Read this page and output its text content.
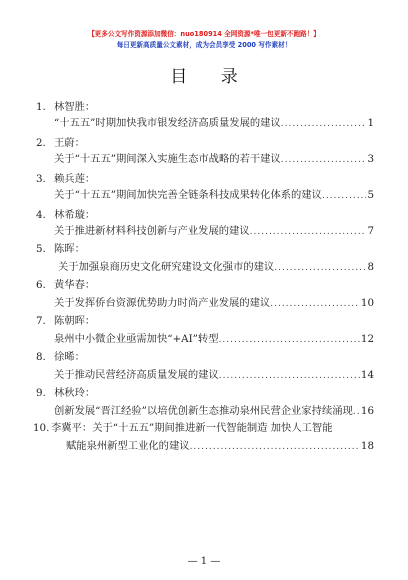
【更多公文写作资源添加微信：nuo180914 全网资源*唯一包更新不跑路！】
每日更新高质量公文素材，成为会员享受 2000 写作素材！
目 录
1. 林智胜：
“十五五”时期加快我市银发经济高质量发展的建议 .....	1
2. 王蔚：
关于“十五五”期间深入实施生态市战略的若干建议 .....	3
3. 赖兵莲：
关于“十五五”期间加快完善全链条科技成果转化体系的建议 .....	5
4. 林希璇：
关于推进新材料科技创新与产业发展的建议 .....	7
5. 陈晖：
关于加强泉商历史文化研究建设文化强市的建议 .....	8
6. 黄华春：
关于发挥侨台资源优势助力时尚产业发展的建议 .....	10
7. 陈朝晖：
泉州中小微企业亟需加快“+AI”转型 .....	12
8. 徐晞：
关于推动民营经济高质量发展的建议 .....	14
9. 林秋玲：
创新发展“晋江经验”以培优创新生态推动泉州民营企业家持续涌现 ..... 16
10. 李冀平：关于“十五五”期间推进新一代智能制造 加快人工智能
赋能泉州新型工业化的建议 .....	18
— 1 —
